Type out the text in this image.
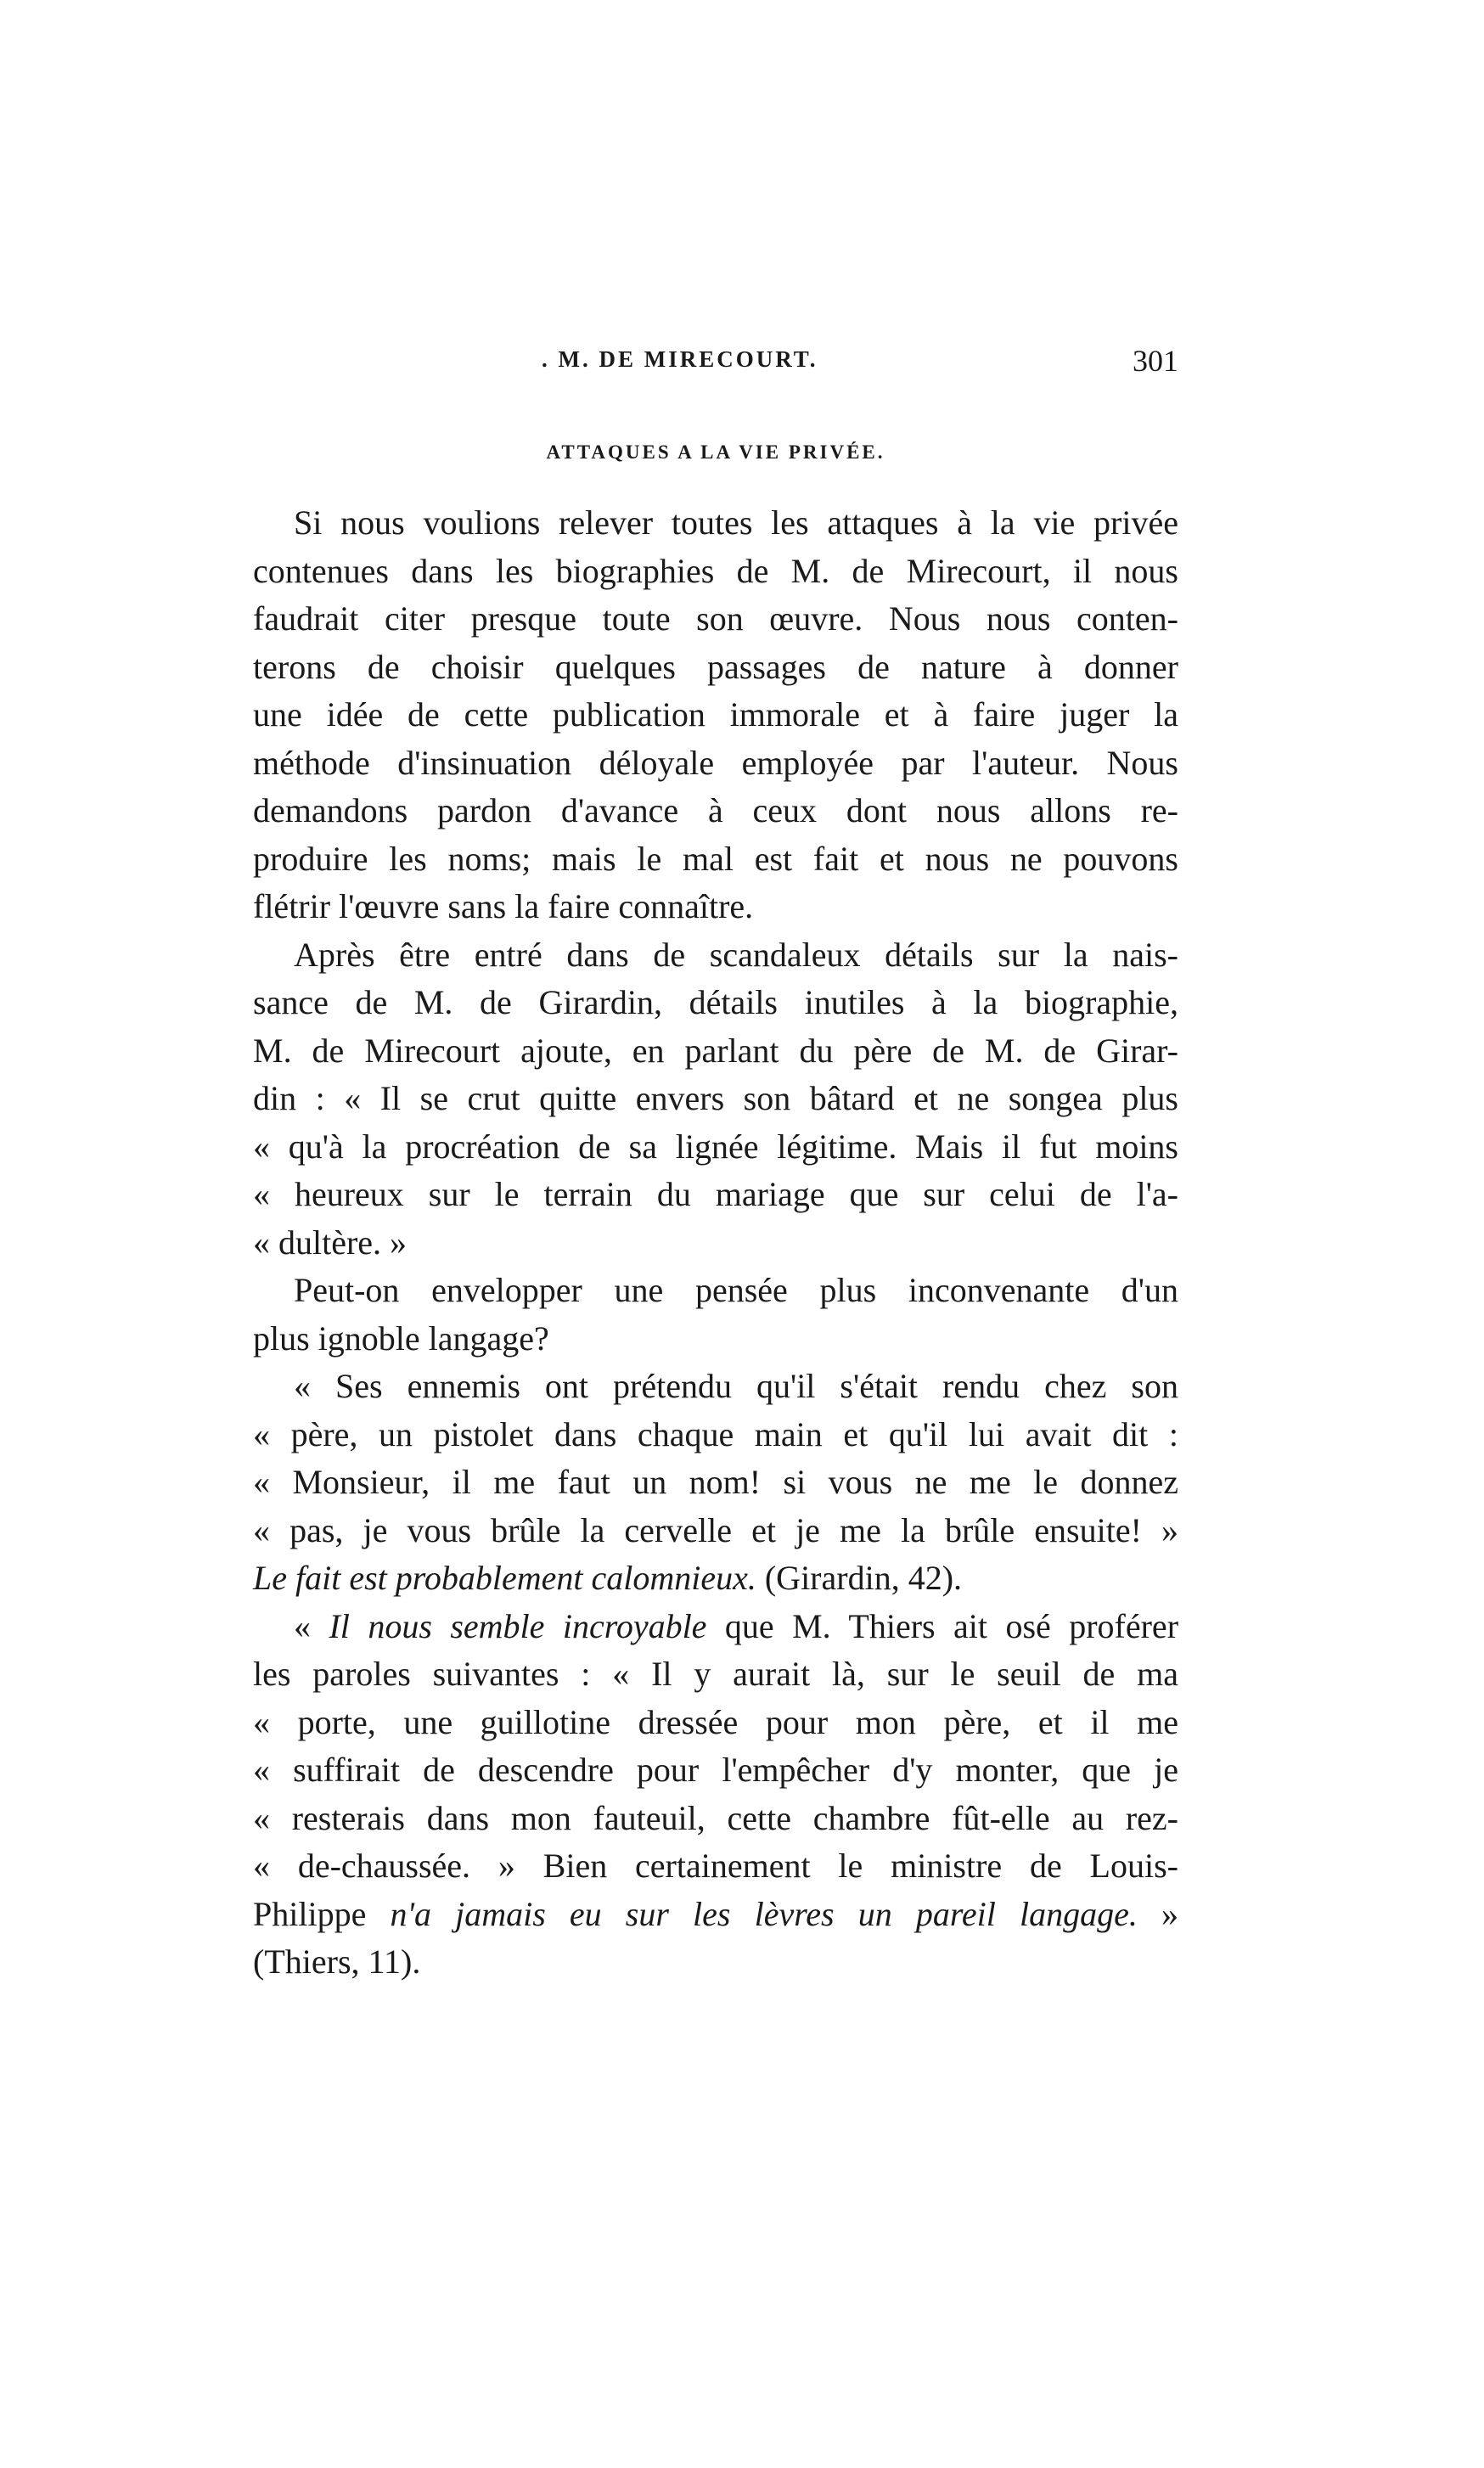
. M. DE MIRECOURT.	301
ATTAQUES A LA VIE PRIVÉE.
Si nous voulions relever toutes les attaques à la vie privée
contenues dans les biographies de M. de Mirecourt, il nous
faudrait citer presque toute son œuvre. Nous nous conten-
terons de choisir quelques passages de nature à donner
une idée de cette publication immorale et à faire juger la
méthode d'insinuation déloyale employée par l'auteur. Nous
demandons pardon d'avance à ceux dont nous allons re-
produire les noms; mais le mal est fait et nous ne pouvons
flétrir l'œuvre sans la faire connaître.
Après être entré dans de scandaleux détails sur la nais-
sance de M. de Girardin, détails inutiles à la biographie,
M. de Mirecourt ajoute, en parlant du père de M. de Girar-
din : « Il se crut quitte envers son bâtard et ne songea plus
« qu'à la procréation de sa lignée légitime. Mais il fut moins
« heureux sur le terrain du mariage que sur celui de l'a-
« dultère. »
Peut-on envelopper une pensée plus inconvenante d'un
plus ignoble langage?
« Ses ennemis ont prétendu qu'il s'était rendu chez son
« père, un pistolet dans chaque main et qu'il lui avait dit :
« Monsieur, il me faut un nom! si vous ne me le donnez
« pas, je vous brûle la cervelle et je me la brûle ensuite! »
Le fait est probablement calomnieux. (Girardin, 42).
« Il nous semble incroyable que M. Thiers ait osé proférer
les paroles suivantes : « Il y aurait là, sur le seuil de ma
« porte, une guillotine dressée pour mon père, et il me
« suffirait de descendre pour l'empêcher d'y monter, que je
« resterais dans mon fauteuil, cette chambre fût-elle au rez-
« de-chaussée. » Bien certainement le ministre de Louis-
Philippe n'a jamais eu sur les lèvres un pareil langage. »
(Thiers, 11).
